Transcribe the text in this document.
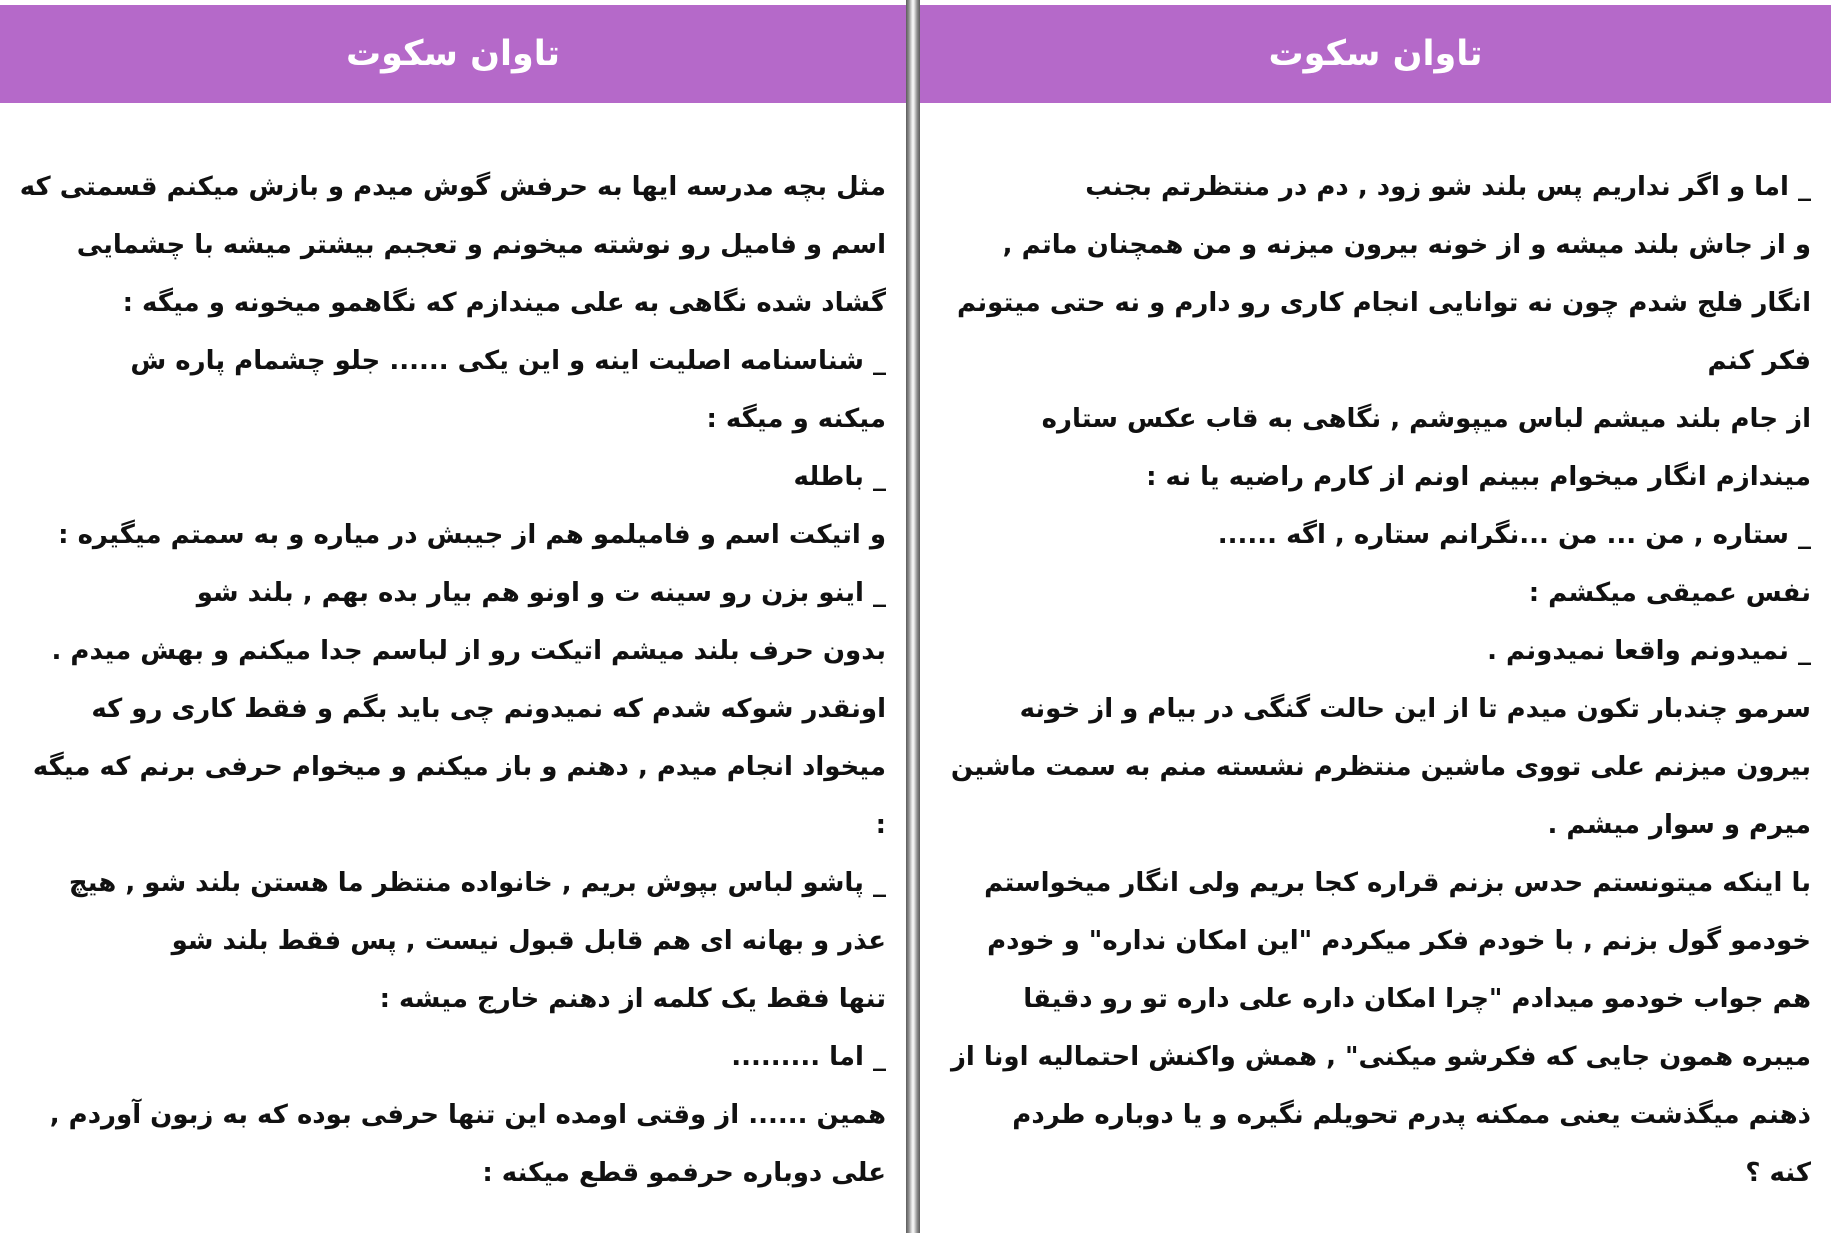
تاوان سکوت
مثل بچه مدرسه ایها به حرفش گوش میدم و بازش میکنم قسمتی که
اسم و فامیل رو نوشته میخونم و تعجبم بیشتر میشه با چشمایی
گشاد شده نگاهی به علی میندازم که نگاهمو میخونه و میگه :
_ شناسنامه اصلیت اینه و این یکی ...... جلو چشمام پاره ش
میکنه و میگه :
_ باطله
و اتیکت اسم و فامیلمو هم از جیبش در میاره و به سمتم میگیره :
_ اینو بزن رو سینه ت و اونو هم بیار بده بهم , بلند شو
بدون حرف بلند میشم اتیکت رو از لباسم جدا میکنم و بهش میدم .
اونقدر شوکه شدم که نمیدونم چی باید بگم و فقط کاری رو که
میخواد انجام میدم , دهنم و باز میکنم و میخوام حرفی برنم که میگه
:
_ پاشو لباس بپوش بریم , خانواده منتظر ما هستن بلند شو , هیچ
عذر و بهانه ای هم قابل قبول نیست , پس فقط بلند شو
تنها فقط یک کلمه از دهنم خارج میشه :
_ اما .........
همین ...... از وقتی اومده این تنها حرفی بوده که به زبون آوردم ,
علی دوباره حرفمو قطع میکنه :
تاوان سکوت
_ اما و اگر نداریم پس بلند شو زود , دم در منتظرتم بجنب
و از جاش بلند میشه و از خونه بیرون میزنه و من همچنان ماتم ,
انگار فلج شدم چون نه توانایی انجام کاری رو دارم و نه حتی میتونم
فکر کنم
از جام بلند میشم لباس میپوشم , نگاهی به قاب عکس ستاره
میندازم انگار میخوام ببینم اونم از کارم راضیه یا نه :
_ ستاره , من ... من ...نگرانم ستاره , اگه ......
نفس عمیقی میکشم :
_ نمیدونم واقعا نمیدونم .
سرمو چندبار تکون میدم تا از این حالت گنگی در بیام و از خونه
بیرون میزنم علی تووی ماشین منتظرم نشسته منم به سمت ماشین
میرم و سوار میشم .
با اینکه میتونستم حدس بزنم قراره کجا بریم ولی انگار میخواستم
خودمو گول بزنم , با خودم فکر میکردم "این امکان نداره" و خودم
هم جواب خودمو میدادم "چرا امکان داره علی داره تو رو دقیقا
میبره همون جایی که فکرشو میکنی" , همش واکنش احتمالیه اونا از
ذهنم میگذشت یعنی ممکنه پدرم تحویلم نگیره و یا دوباره طردم
کنه ؟
